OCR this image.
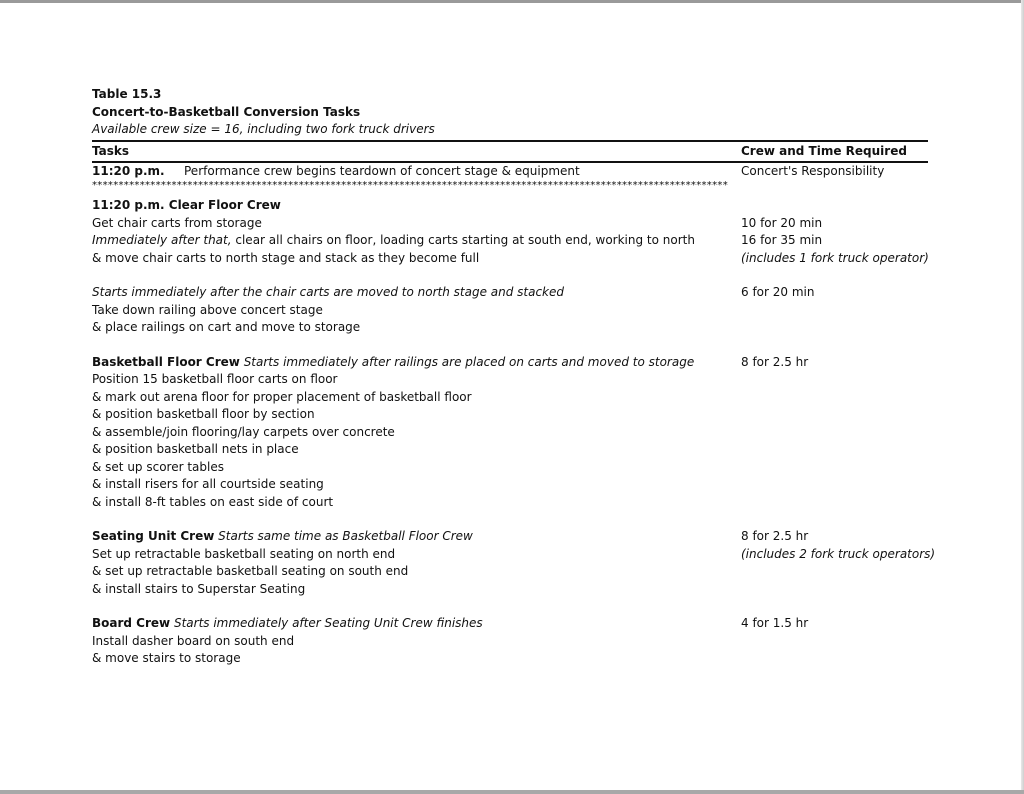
Table 15.3
Concert-to-Basketball Conversion Tasks
Available crew size = 16, including two fork truck drivers
Tasks	Crew and Time Required
11:20 p.m. Performance crew begins teardown of concert stage & equipment	Concert's Responsibility
************************************************************************************************************************
11:20 p.m. Clear Floor Crew
Get chair carts from storage	10 for 20 min
Immediately after that, clear all chairs on floor, loading carts starting at south end, working to north	16 for 35 min
& move chair carts to north stage and stack as they become full	(includes 1 fork truck operator)
Starts immediately after the chair carts are moved to north stage and stacked	6 for 20 min
Take down railing above concert stage
& place railings on cart and move to storage
Basketball Floor Crew Starts immediately after railings are placed on carts and moved to storage	8 for 2.5 hr
Position 15 basketball floor carts on floor
& mark out arena floor for proper placement of basketball floor
& position basketball floor by section
& assemble/join flooring/lay carpets over concrete
& position basketball nets in place
& set up scorer tables
& install risers for all courtside seating
& install 8-ft tables on east side of court
Seating Unit Crew Starts same time as Basketball Floor Crew	8 for 2.5 hr
Set up retractable basketball seating on north end	(includes 2 fork truck operators)
& set up retractable basketball seating on south end
& install stairs to Superstar Seating
Board Crew Starts immediately after Seating Unit Crew finishes	4 for 1.5 hr
Install dasher board on south end
& move stairs to storage
